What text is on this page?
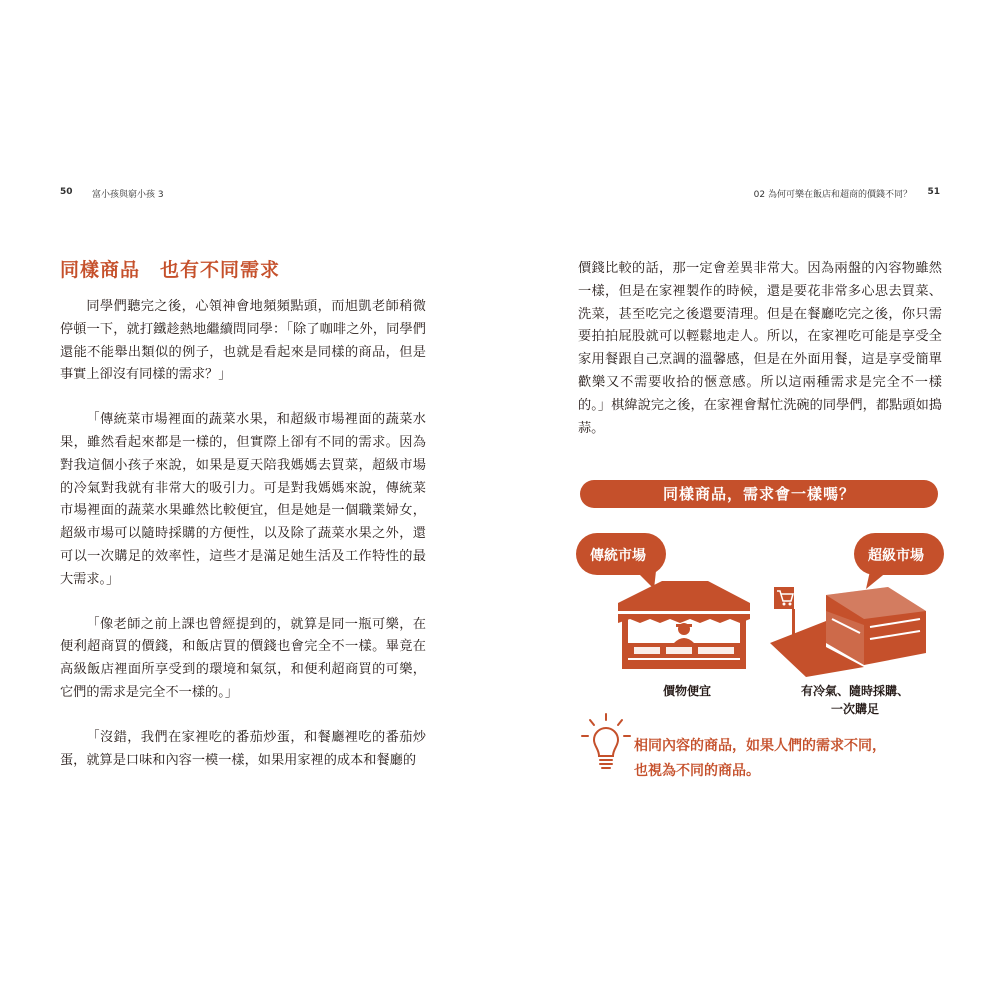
50 富小孩與窮小孩 3	02 為何可樂在飯店和超商的價錢不同？ 51
同樣商品　也有不同需求

同學們聽完之後，心領神會地頻頻點頭，而旭凱老師稍微停頓一下，就打鐵趁熱地繼續問同學：「除了咖啡之外，同學們還能不能舉出類似的例子，也就是看起來是同樣的商品，但是事實上卻沒有同樣的需求？」

「傳統菜市場裡面的蔬菜水果，和超級市場裡面的蔬菜水果，雖然看起來都是一樣的，但實際上卻有不同的需求。因為對我這個小孩子來說，如果是夏天陪我媽媽去買菜，超級市場的冷氣對我就有非常大的吸引力。可是對我媽媽來說，傳統菜市場裡面的蔬菜水果雖然比較便宜，但是她是一個職業婦女，超級市場可以隨時採購的方便性，以及除了蔬菜水果之外，還可以一次購足的效率性，這些才是滿足她生活及工作特性的最大需求。」

「像老師之前上課也曾經提到的，就算是同一瓶可樂，在便利超商買的價錢，和飯店買的價錢也會完全不一樣。畢竟在高級飯店裡面所享受到的環境和氣氛，和便利超商買的可樂，它們的需求是完全不一樣的。」

「沒錯，我們在家裡吃的番茄炒蛋，和餐廳裡吃的番茄炒蛋，就算是口味和內容一模一樣，如果用家裡的成本和餐廳的

價錢比較的話，那一定會差異非常大。因為兩盤的內容物雖然一樣，但是在家裡製作的時候，還是要花非常多心思去買菜、洗菜，甚至吃完之後還要清理。但是在餐廳吃完之後，你只需要拍拍屁股就可以輕鬆地走人。所以，在家裡吃可能是享受全家用餐跟自己烹調的溫馨感，但是在外面用餐，這是享受簡單歡樂又不需要收拾的愜意感。所以這兩種需求是完全不一樣的。」棋緯說完之後，在家裡會幫忙洗碗的同學們，都點頭如搗蒜。

同樣商品，需求會一樣嗎？
傳統市場	超級市場
價物便宜	有冷氣、隨時採購、
一次購足
相同內容的商品，如果人們的需求不同，
也視為不同的商品。
